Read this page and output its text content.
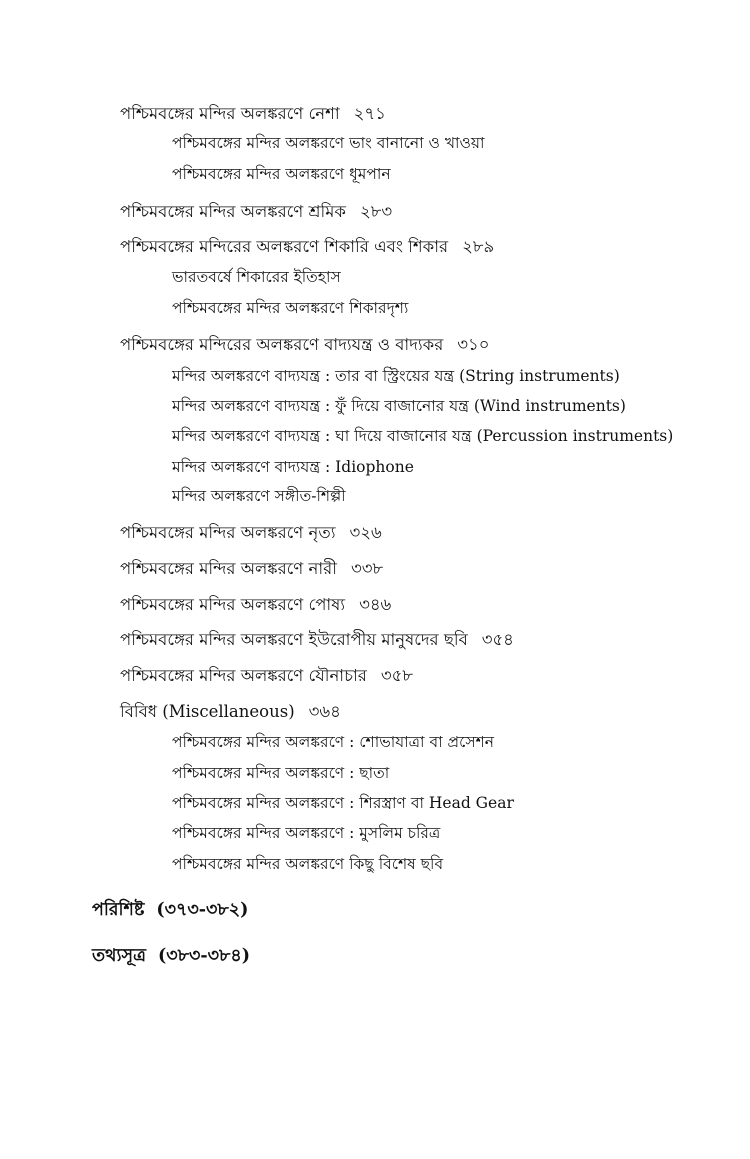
পশ্চিমবঙ্গের মন্দির অলঙ্করণে নেশা ২৭১
পশ্চিমবঙ্গের মন্দির অলঙ্করণে ভাং বানানো ও খাওয়া
পশ্চিমবঙ্গের মন্দির অলঙ্করণে ধূমপান
পশ্চিমবঙ্গের মন্দির অলঙ্করণে শ্রমিক ২৮৩
পশ্চিমবঙ্গের মন্দিরের অলঙ্করণে শিকারি এবং শিকার ২৮৯
ভারতবর্ষে শিকারের ইতিহাস
পশ্চিমবঙ্গের মন্দির অলঙ্করণে শিকারদৃশ্য
পশ্চিমবঙ্গের মন্দিরের অলঙ্করণে বাদ্যযন্ত্র ও বাদ্যকর ৩১০
মন্দির অলঙ্করণে বাদ্যযন্ত্র : তার বা স্ট্রিংয়ের যন্ত্র (String instruments)
মন্দির অলঙ্করণে বাদ্যযন্ত্র : ফুঁ দিয়ে বাজানোর যন্ত্র (Wind instruments)
মন্দির অলঙ্করণে বাদ্যযন্ত্র : ঘা দিয়ে বাজানোর যন্ত্র (Percussion instruments)
মন্দির অলঙ্করণে বাদ্যযন্ত্র : Idiophone
মন্দির অলঙ্করণে সঙ্গীত-শিল্পী
পশ্চিমবঙ্গের মন্দির অলঙ্করণে নৃত্য ৩২৬
পশ্চিমবঙ্গের মন্দির অলঙ্করণে নারী ৩৩৮
পশ্চিমবঙ্গের মন্দির অলঙ্করণে পোষ্য ৩৪৬
পশ্চিমবঙ্গের মন্দির অলঙ্করণে ইউরোপীয় মানুষদের ছবি ৩৫৪
পশ্চিমবঙ্গের মন্দির অলঙ্করণে যৌনাচার ৩৫৮
বিবিধ (Miscellaneous) ৩৬৪
পশ্চিমবঙ্গের মন্দির অলঙ্করণে : শোভাযাত্রা বা প্রসেশন
পশ্চিমবঙ্গের মন্দির অলঙ্করণে : ছাতা
পশ্চিমবঙ্গের মন্দির অলঙ্করণে : শিরস্ত্রাণ বা Head Gear
পশ্চিমবঙ্গের মন্দির অলঙ্করণে : মুসলিম চরিত্র
পশ্চিমবঙ্গের মন্দির অলঙ্করণে কিছু বিশেষ ছবি
পরিশিষ্ট (৩৭৩-৩৮২)
তথ্যসূত্র (৩৮৩-৩৮৪)
